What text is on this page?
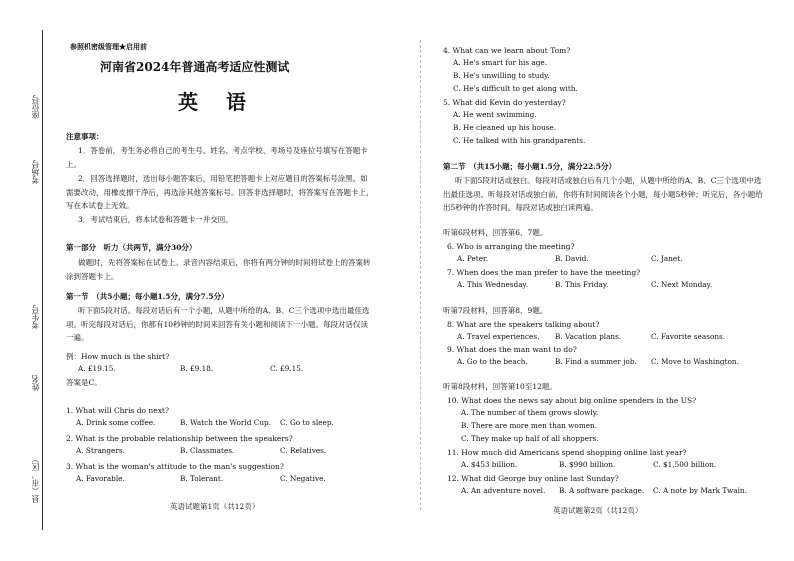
座位号
考场号
考生号
姓名
县（市、区）
参照机密级管理★启用前
河南省2024年普通高考适应性测试
英　语
注意事项：
1．答卷前，考生务必将自己的考生号、姓名、考点学校、考场号及座位号填写在答题卡上。
2．回答选择题时，选出每小题答案后，用铅笔把答题卡上对应题目的答案标号涂黑。如需要改动，用橡皮擦干净后，再选涂其他答案标号。回答非选择题时，将答案写在答题卡上，写在本试卷上无效。
3．考试结束后，将本试卷和答题卡一并交回。
第一部分　听力（共两节，满分30分）
做题时，先将答案标在试卷上。录音内容结束后，你将有两分钟的时间将试卷上的答案转涂到答题卡上。
第一节　（共5小题；每小题1.5分，满分7.5分）
听下面5段对话。每段对话后有一个小题，从题中所给的A、B、C三个选项中选出最佳选项。听完每段对话后，你都有10秒钟的时间来回答有关小题和阅读下一小题。每段对话仅读一遍。
例：How much is the shirt?
A. £19.15.	B. £9.18.	C. £9.15.
答案是C。
1. What will Chris do next?
A. Drink some coffee.	B. Watch the World Cup. C. Go to sleep.
2. What is the probable relationship between the speakers?
A. Strangers.	B. Classmates.	C. Relatives.
3. What is the woman's attitude to the man's suggestion?
A. Favorable.	B. Tolerant.	C. Negative.
英语试题第1页（共12页）
4. What can we learn about Tom?
A. He's smart for his age.
B. He's unwilling to study.
C. He's difficult to get along with.
5. What did Kevin do yesterday?
A. He went swimming.
B. He cleaned up his house.
C. He talked with his grandparents.
第二节　（共15小题；每小题1.5分，满分22.5分）
听下面5段对话或独白。每段对话或独白后有几个小题，从题中所给的A、B、C三个选项中选出最佳选项。听每段对话或独白前，你将有时间阅读各个小题，每小题5秒钟；听完后，各小题给出5秒钟的作答时间。每段对话或独白读两遍。
听第6段材料，回答第6、7题。
6. Who is arranging the meeting?
A. Peter.	B. David.	C. Janet.
7. When does the man prefer to have the meeting?
A. This Wednesday.	B. This Friday.	C. Next Monday.
听第7段材料，回答第8、9题。
8. What are the speakers talking about?
A. Travel experiences. B. Vacation plans.	C. Favorite seasons.
9. What does the man want to do?
A. Go to the beach.	B. Find a summer job. C. Move to Washington.
听第8段材料，回答第10至12题。
10. What does the news say about big online spenders in the US?
A. The number of them grows slowly.
B. There are more men than women.
C. They make up half of all shoppers.
11. How much did Americans spend shopping online last year?
A. $453 billion.	B. $990 billion.	C. $1,500 billion.
12. What did George buy online last Sunday?
A. An adventure novel. B. A software package. C. A note by Mark Twain.
英语试题第2页（共12页）
